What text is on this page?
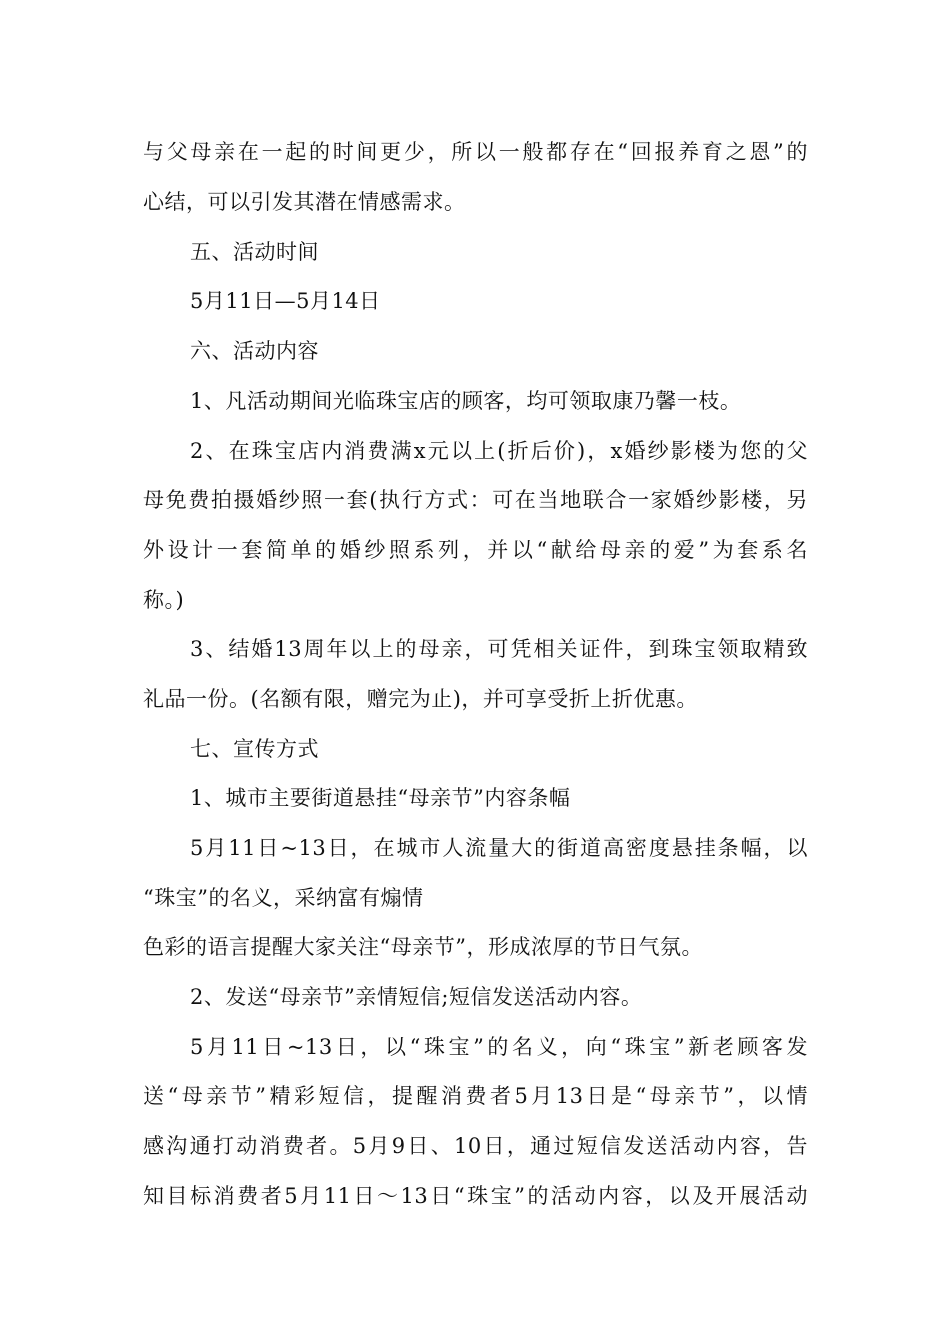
与父母亲在一起的时间更少，所以一般都存在“回报养育之恩”的
心结，可以引发其潜在情感需求。
五、活动时间
5月11日—5月14日
六、活动内容
1、凡活动期间光临珠宝店的顾客，均可领取康乃馨一枝。
2、在珠宝店内消费满x元以上(折后价)，x婚纱影楼为您的父
母免费拍摄婚纱照一套(执行方式：可在当地联合一家婚纱影楼，另
外设计一套简单的婚纱照系列，并以“献给母亲的爱”为套系名
称。)
3、结婚13周年以上的母亲，可凭相关证件，到珠宝领取精致
礼品一份。(名额有限，赠完为止)，并可享受折上折优惠。
七、宣传方式
1、城市主要街道悬挂“母亲节”内容条幅
5月11日~13日，在城市人流量大的街道高密度悬挂条幅，以
“珠宝”的名义，采纳富有煽情
色彩的语言提醒大家关注“母亲节”，形成浓厚的节日气氛。
2、发送“母亲节”亲情短信;短信发送活动内容。
5月11日~13日，以“珠宝”的名义，向“珠宝”新老顾客发
送“母亲节”精彩短信，提醒消费者5月13日是“母亲节”，以情
感沟通打动消费者。5月9日、10日，通过短信发送活动内容，告
知目标消费者5月11日～13日“珠宝”的活动内容，以及开展活动
